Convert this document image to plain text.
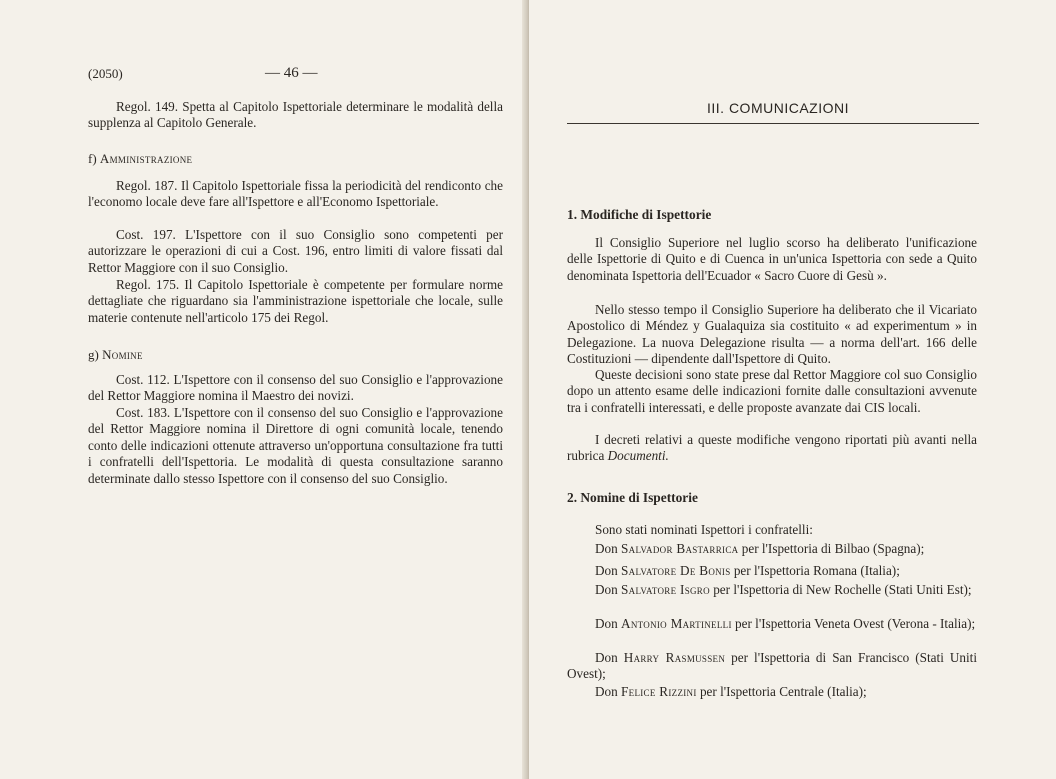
(2050)	— 46 —

Regol. 149. Spetta al Capitolo Ispettoriale determinare le modalità della supplenza al Capitolo Generale.

f) Amministrazione

Regol. 187. Il Capitolo Ispettoriale fissa la periodicità del rendiconto che l'economo locale deve fare all'Ispettore e all'Economo Ispettoriale.

Cost. 197. L'Ispettore con il suo Consiglio sono competenti per autorizzare le operazioni di cui a Cost. 196, entro limiti di valore fissati dal Rettor Maggiore con il suo Consiglio.

Regol. 175. Il Capitolo Ispettoriale è competente per formulare norme dettagliate che riguardano sia l'amministrazione ispettoriale che locale, sulle materie contenute nell'articolo 175 dei Regol.

g) Nomine

Cost. 112. L'Ispettore con il consenso del suo Consiglio e l'approvazione del Rettor Maggiore nomina il Maestro dei novizi.

Cost. 183. L'Ispettore con il consenso del suo Consiglio e l'approvazione del Rettor Maggiore nomina il Direttore di ogni comunità locale, tenendo conto delle indicazioni ottenute attraverso un'opportuna consultazione fra tutti i confratelli dell'Ispettoria. Le modalità di questa consultazione saranno determinate dallo stesso Ispettore con il consenso del suo Consiglio.

III. COMUNICAZIONI
1. Modifiche di Ispettorie

Il Consiglio Superiore nel luglio scorso ha deliberato l'unificazione delle Ispettorie di Quito e di Cuenca in un'unica Ispettoria con sede a Quito denominata Ispettoria dell'Ecuador « Sacro Cuore di Gesù ».

Nello stesso tempo il Consiglio Superiore ha deliberato che il Vicariato Apostolico di Méndez y Gualaquiza sia costituito « ad experimentum » in Delegazione. La nuova Delegazione risulta — a norma dell'art. 166 delle Costituzioni — dipendente dall'Ispettore di Quito.

Queste decisioni sono state prese dal Rettor Maggiore col suo Consiglio dopo un attento esame delle indicazioni fornite dalle consultazioni avvenute tra i confratelli interessati, e delle proposte avanzate dai CIS locali.

I decreti relativi a queste modifiche vengono riportati più avanti nella rubrica Documenti.

2. Nomine di Ispettorie
Sono stati nominati Ispettori i confratelli:

Don Salvador Bastarrica per l'Ispettoria di Bilbao (Spagna);

Don Salvatore De Bonis per l'Ispettoria Romana (Italia);

Don Salvatore Isgro per l'Ispettoria di New Rochelle (Stati Uniti Est);

Don Antonio Martinelli per l'Ispettoria Veneta Ovest (Verona - Italia);

Don Harry Rasmussen per l'Ispettoria di San Francisco (Stati Uniti Ovest);

Don Felice Rizzini per l'Ispettoria Centrale (Italia);
